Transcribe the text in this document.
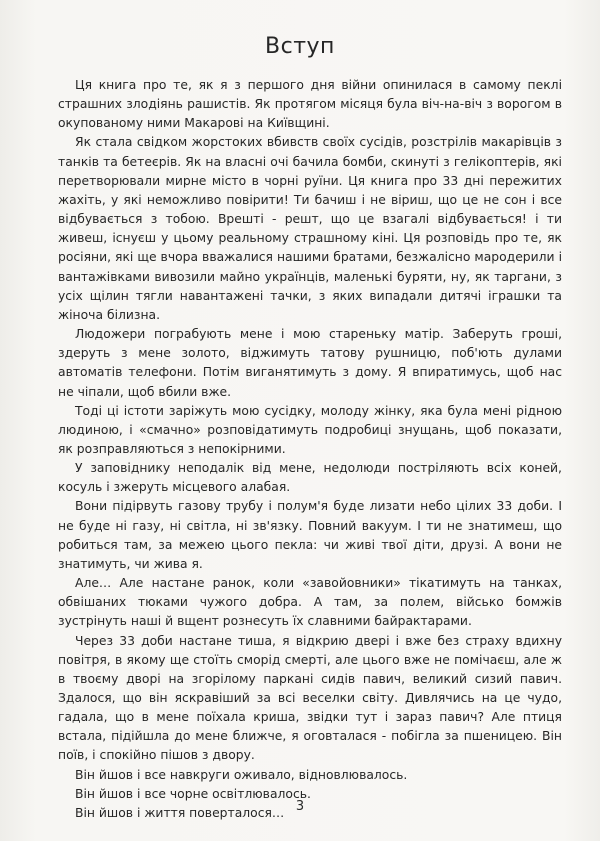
Вступ

Ця книга про те, як я з першого дня війни опинилася в самому пеклі страшних злодіянь рашистів. Як протягом місяця була віч-на-віч з ворогом в окупованому ними Макарові на Київщині.

Як стала свідком жорстоких вбивств своїх сусідів, розстрілів макарівців з танків та бетеєрів. Як на власні очі бачила бомби, скинуті з гелікоптерів, які перетворювали мирне місто в чорні руїни. Ця книга про 33 дні пережитих жахіть, у які неможливо повірити! Ти бачиш і не віриш, що це не сон і все відбувається з тобою. Врешті - решт, що це взагалі відбувається! і ти живеш, існуєш у цьому реальному страшному кіні. Ця розповідь про те, як росіяни, які ще вчора вважалися нашими братами, безжалісно мародерили і вантажівками вивозили майно українців, маленькі буряти, ну, як таргани, з усіх щілин тягли навантажені тачки, з яких випадали дитячі іграшки та жіноча білизна.

Людожери пограбують мене і мою стареньку матір. Заберуть гроші, здеруть з мене золото, віджимуть татову рушницю, поб'ють дулами автоматів телефони. Потім виганятимуть з дому. Я впиратимусь, щоб нас не чіпали, щоб вбили вже.

Тоді ці істоти заріжуть мою сусідку, молоду жінку, яка була мені рідною людиною, і «смачно» розповідатимуть подробиці знущань, щоб показати, як розправляються з непокірними.

У заповіднику неподалік від мене, недолюди постріляють всіх коней, косуль і зжеруть місцевого алабая.

Вони підірвуть газову трубу і полум'я буде лизати небо цілих 33 доби. І не буде ні газу, ні світла, ні зв'язку. Повний вакуум. І ти не знатимеш, що робиться там, за межею цього пекла: чи живі твої діти, друзі. А вони не знатимуть, чи жива я.

Але… Але настане ранок, коли «завойовники» тікатимуть на танках, обвішаних тюками чужого добра. А там, за полем, військо бомжів зустрінуть наші й вщент рознесуть їх славними байрактарами.

Через 33 доби настане тиша, я відкрию двері і вже без страху вдихну повітря, в якому ще стоїть сморід смерті, але цього вже не помічаєш, але ж в твоєму дворі на згорілому паркані сидів павич, великий сизий павич. Здалося, що він яскравіший за всі веселки світу. Дивлячись на це чудо, гадала, що в мене поїхала криша, звідки тут і зараз павич? Але птиця встала, підійшла до мене ближче, я оговталася - побігла за пшеницею. Він поїв, і спокійно пішов з двору.

Він йшов і все навкруги оживало, відновлювалось.

Він йшов і все чорне освітлювалось.

Він йшов і життя поверталося… 3
